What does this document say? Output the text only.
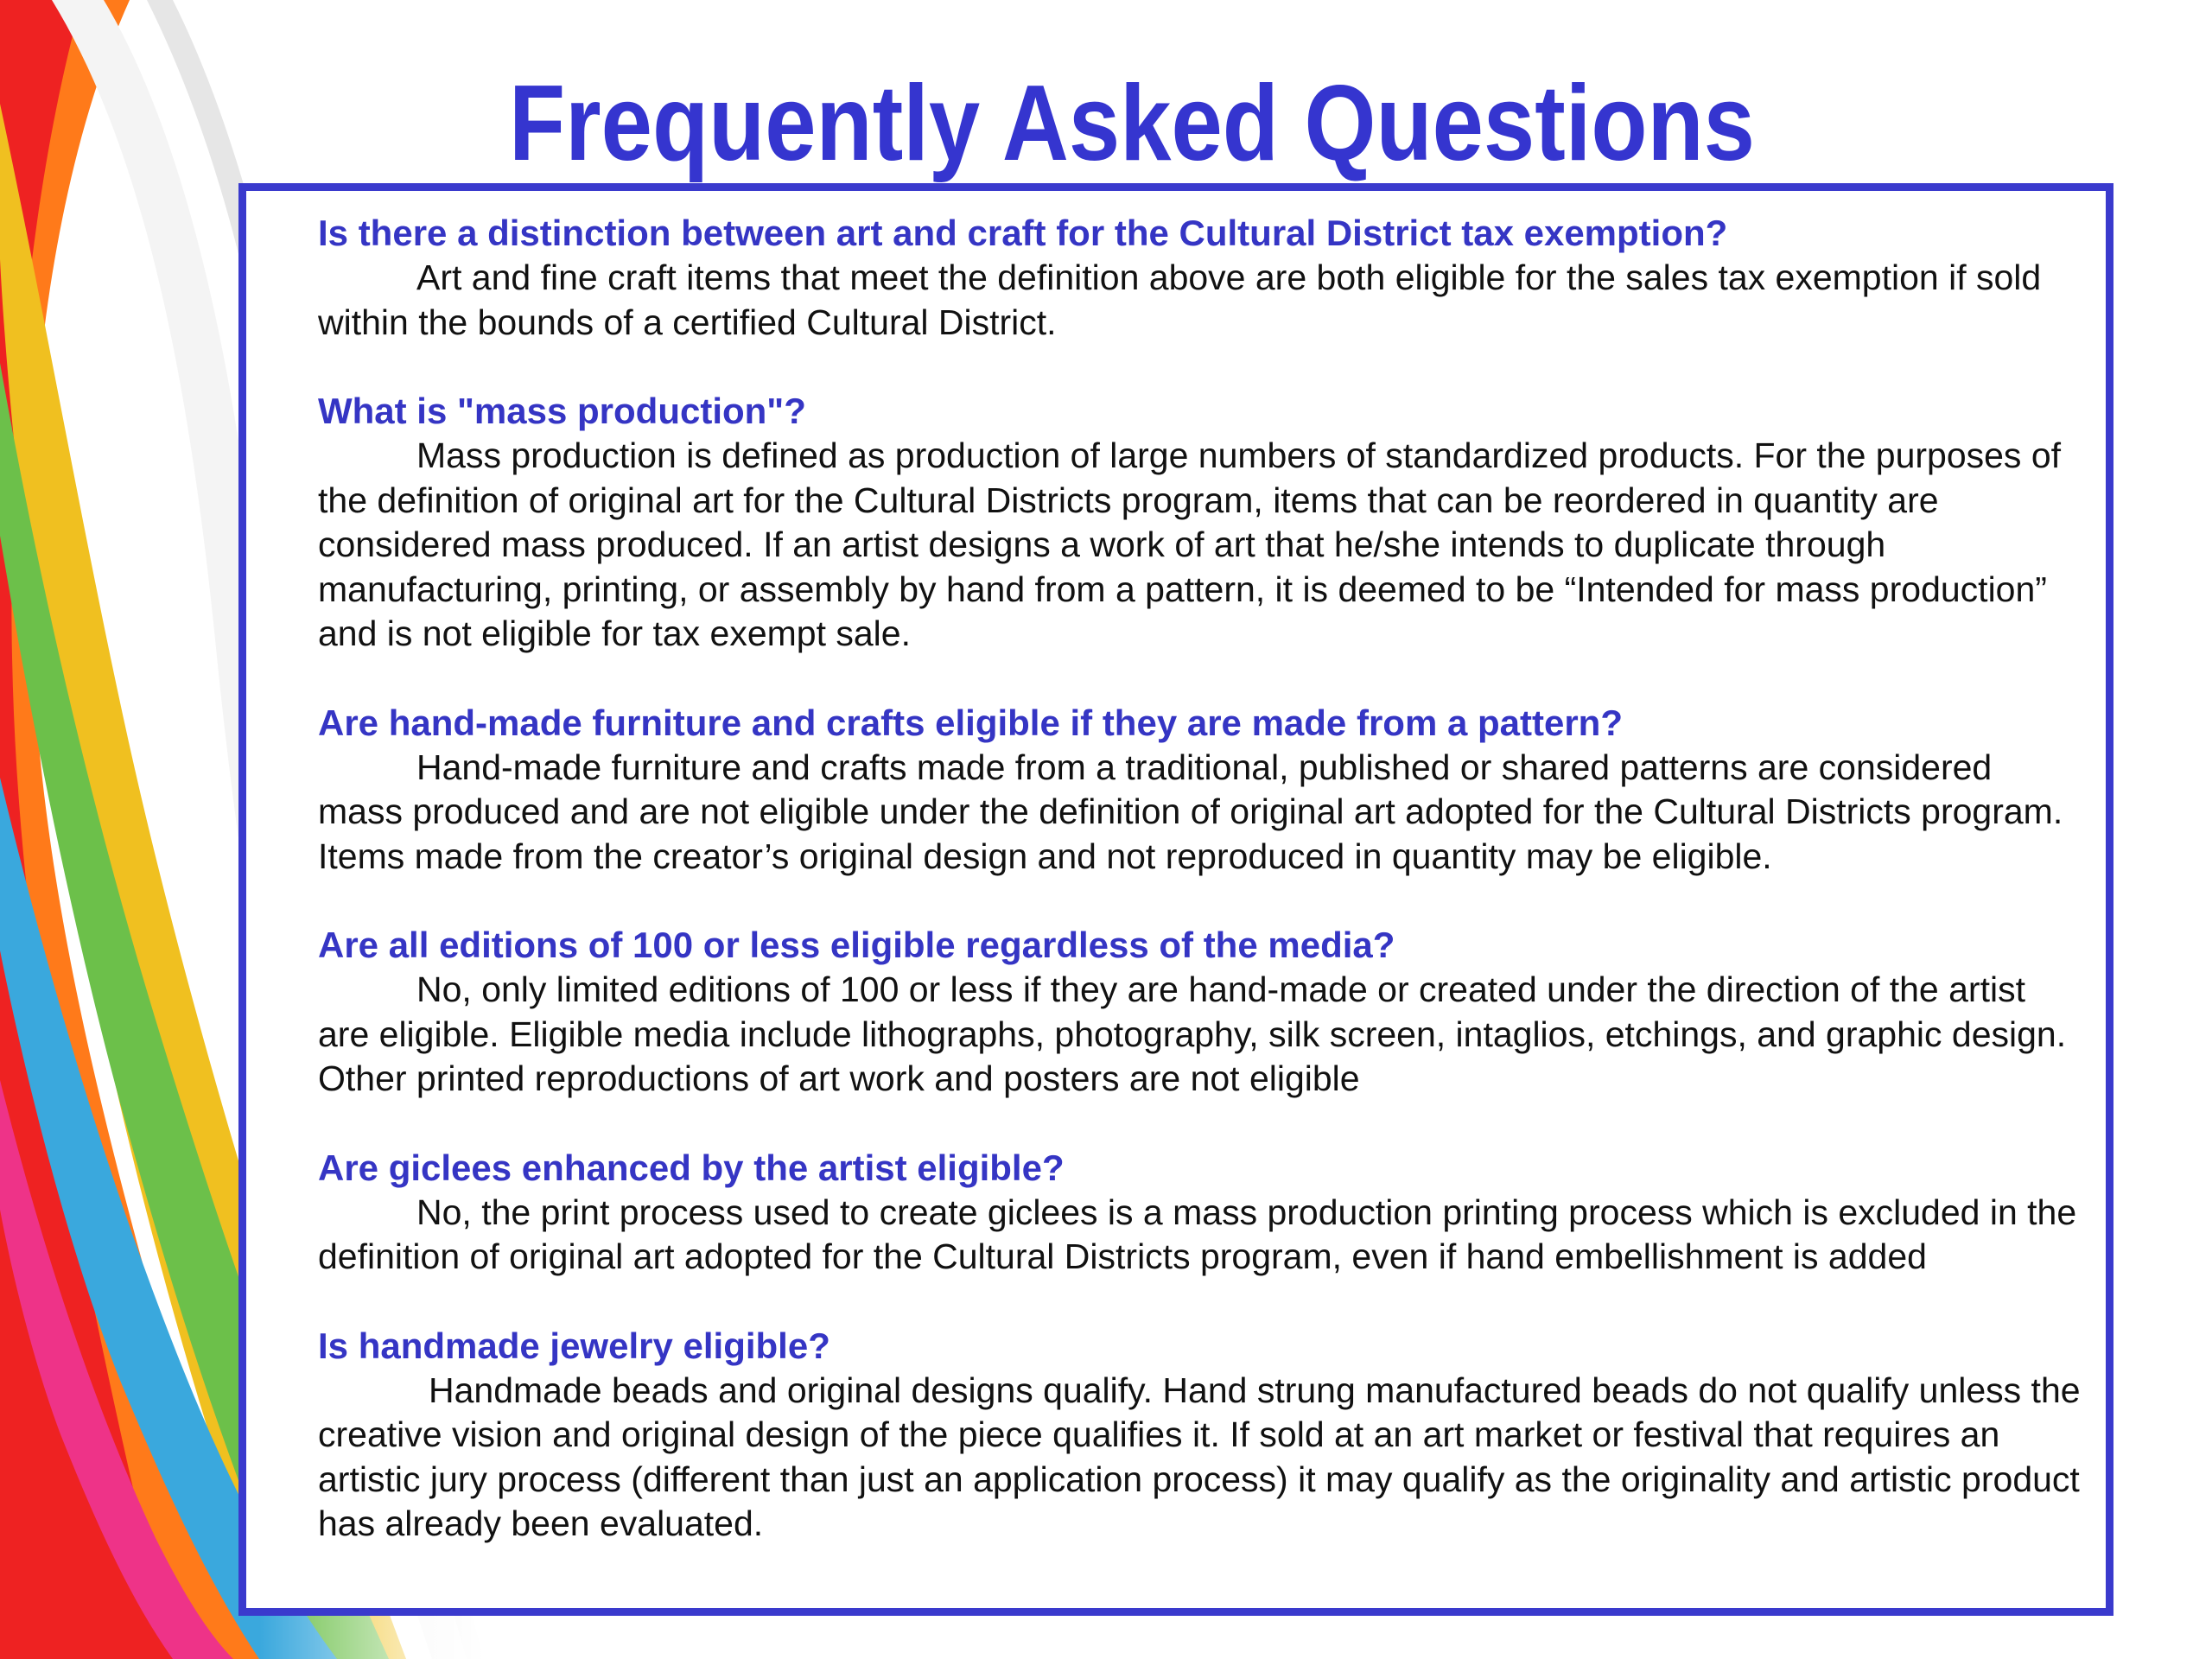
Frequently Asked Questions
Is there a distinction between art and craft for the Cultural District tax exemption?
Art and fine craft items that meet the definition above are both eligible for the sales tax exemption if sold within the bounds of a certified Cultural District.
What is "mass production"?
Mass production is defined as production of large numbers of standardized products. For the purposes of the definition of original art for the Cultural Districts program, items that can be reordered in quantity are considered mass produced. If an artist designs a work of art that he/she intends to duplicate through manufacturing, printing, or assembly by hand from a pattern, it is deemed to be “Intended for mass production” and is not eligible for tax exempt sale.
Are hand-made furniture and crafts eligible if they are made from a pattern?
Hand-made furniture and crafts made from a traditional, published or shared patterns are considered mass produced and are not eligible under the definition of original art adopted for the Cultural Districts program. Items made from the creator’s original design and not reproduced in quantity may be eligible.
Are all editions of 100 or less eligible regardless of the media?
No, only limited editions of 100 or less if they are hand-made or created under the direction of the artist are eligible. Eligible media include lithographs, photography, silk screen, intaglios, etchings, and graphic design. Other printed reproductions of art work and posters are not eligible
Are giclees enhanced by the artist eligible?
No, the print process used to create giclees is a mass production printing process which is excluded in the definition of original art adopted for the Cultural Districts program, even if hand embellishment is added
Is handmade jewelry eligible?
Handmade beads and original designs qualify. Hand strung manufactured beads do not qualify unless the creative vision and original design of the piece qualifies it. If sold at an art market or festival that requires an artistic jury process (different than just an application process) it may qualify as the originality and artistic product has already been evaluated.
